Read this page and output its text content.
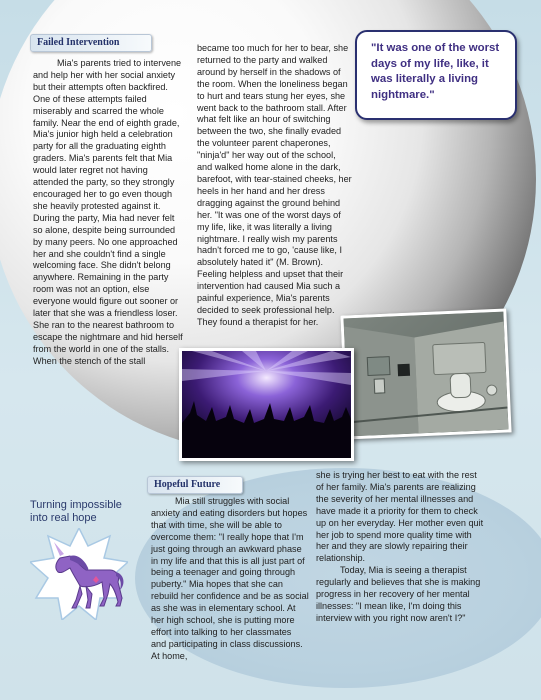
Failed Intervention

Mia's parents tried to intervene and help her with her social anxiety but their attempts often backfired. One of these attempts failed miserably and scarred the whole family. Near the end of eighth grade, Mia's junior high held a celebration party for all the graduating eighth graders. Mia's parents felt that Mia would later regret not having attended the party, so they strongly encouraged her to go even though she heavily protested against it. During the party, Mia had never felt so alone, despite being surrounded by many peers. No one approached her and she couldn't find a single welcoming face. She didn't belong anywhere. Remaining in the party room was not an option, else everyone would figure out sooner or later that she was a friendless loser. She ran to the nearest bathroom to escape the nightmare and hid herself from the world in one of the stalls. When the stench of the stall

became too much for her to bear, she returned to the party and walked around by herself in the shadows of the room. When the loneliness began to hurt and tears stung her eyes, she went back to the bathroom stall. After what felt like an hour of switching between the two, she finally evaded the volunteer parent chaperones, "ninja'd" her way out of the school, and walked home alone in the dark, barefoot, with tear-stained cheeks, her heels in her hand and her dress dragging against the ground behind her. "It was one of the worst days of my life, like, it was literally a living nightmare. I really wish my parents hadn't forced me to go, 'cause like, I absolutely hated it" (M. Brown). Feeling helpless and upset that their intervention had caused Mia such a painful experience, Mia's parents decided to seek professional help. They found a therapist for her.

"It was one of the worst days of my life, like, it was literally a living nightmare."
Turning impossible into real hope
Hopeful Future

Mia still struggles with social anxiety and eating disorders but hopes that with time, she will be able to overcome them: "I really hope that I'm just going through an awkward phase in my life and that this is all just part of being a teenager and going through puberty." Mia hopes that she can rebuild her confidence and be as social as she was in elementary school. At her high school, she is putting more effort into talking to her classmates and participating in class discussions. At home,

she is trying her best to eat with the rest of her family. Mia's parents are realizing the severity of her mental illnesses and have made it a priority for them to check up on her everyday. Her mother even quit her job to spend more quality time with her and they are slowly repairing their relationship.

Today, Mia is seeing a therapist regularly and believes that she is making progress in her recovery of her mental illnesses: "I mean like, I'm doing this interview with you right now aren't I?"
